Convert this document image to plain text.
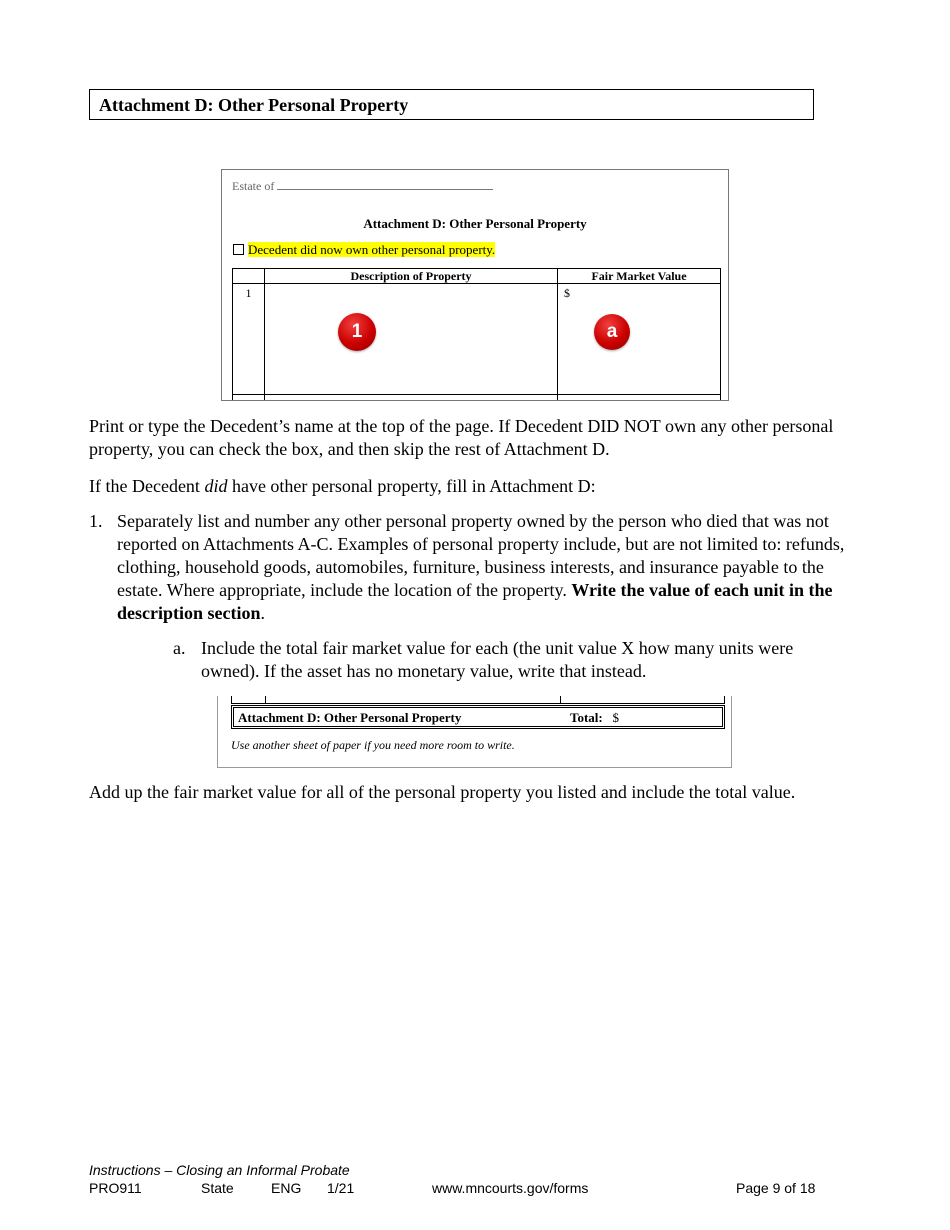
Attachment D: Other Personal Property
Estate of
Attachment D: Other Personal Property
Decedent did now own other personal property.
	Description of Property	Fair Market Value
1	1	$
a

Print or type the Decedent’s name at the top of the page. If Decedent DID NOT own any other personal property, you can check the box, and then skip the rest of Attachment D.
If the Decedent did have other personal property, fill in Attachment D:
1. Separately list and number any other personal property owned by the person who died that was not reported on Attachments A-C. Examples of personal property include, but are not limited to: refunds, clothing, household goods, automobiles, furniture, business interests, and insurance payable to the estate. Where appropriate, include the location of the property. Write the value of each unit in the description section.
a. Include the total fair market value for each (the unit value X how many units were owned). If the asset has no monetary value, write that instead.
Attachment D: Other Personal Property	Total: $
Use another sheet of paper if you need more room to write.
Add up the fair market value for all of the personal property you listed and include the total value.
Instructions – Closing an Informal Probate
PRO911	State	ENG 1/21	www.mncourts.gov/forms	Page 9 of 18
